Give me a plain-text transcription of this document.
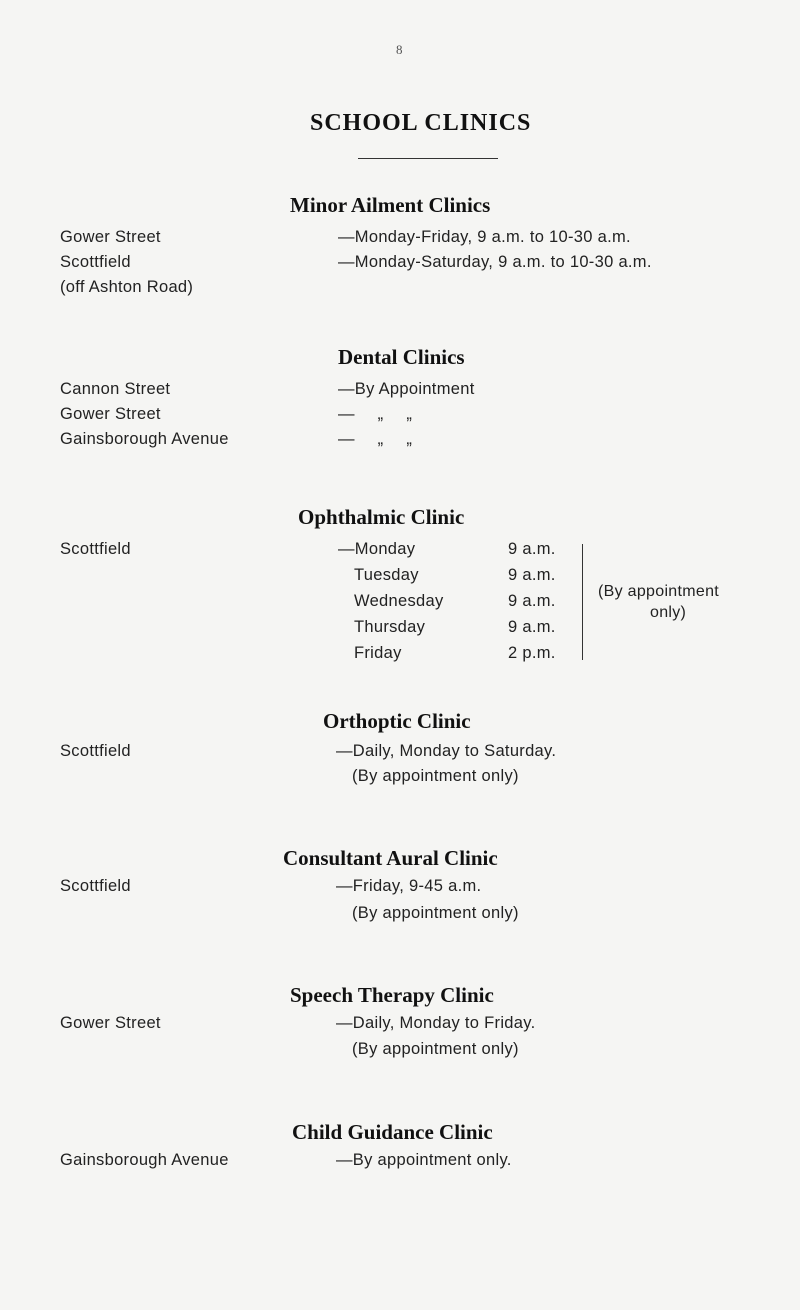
8
SCHOOL CLINICS
Minor Ailment Clinics
Gower Street	—Monday-Friday, 9 a.m. to 10-30 a.m.
Scottfield	—Monday-Saturday, 9 a.m. to 10-30 a.m.
(off Ashton Road)
Dental Clinics
Cannon Street	—By Appointment
Gower Street	— „ „
Gainsborough Avenue	— „ „
Ophthalmic Clinic
Scottfield	—Monday	9 a.m.
Tuesday	9 a.m.
Wednesday	9 a.m.
Thursday	9 a.m.
Friday	2 p.m.
(By appointment
only)
Orthoptic Clinic
Scottfield	—Daily, Monday to Saturday.
(By appointment only)
Consultant Aural Clinic
Scottfield	—Friday, 9-45 a.m.
(By appointment only)
Speech Therapy Clinic
Gower Street	—Daily, Monday to Friday.
(By appointment only)
Child Guidance Clinic
Gainsborough Avenue	—By appointment only.
